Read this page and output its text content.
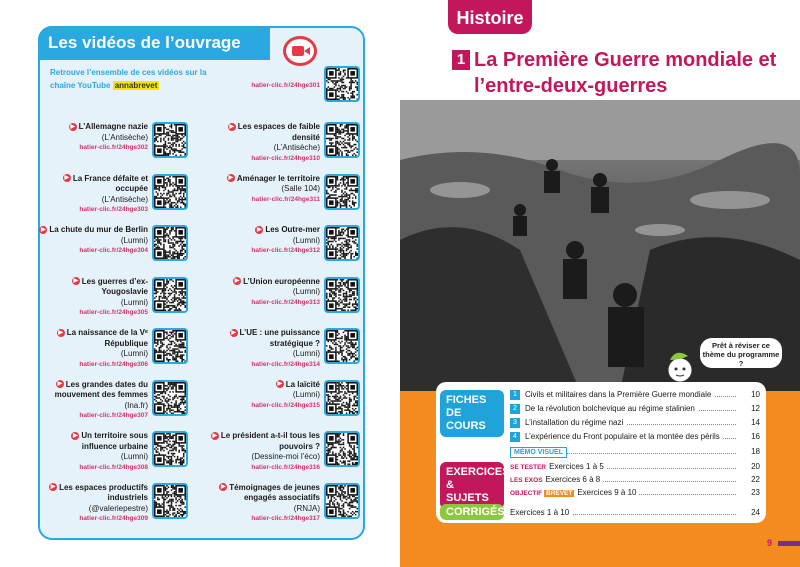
Les vidéos de l’ouvrage
Retrouve l’ensemble de ces vidéos sur la chaîne YouTube annabrevet	hatier-clic.fr/24hge301
▶ L’Allemagne nazie
(L’Antisèche)
hatier-clic.fr/24hge302
▶ Les espaces de faible densité
(L’Antisèche)
hatier-clic.fr/24hge310
▶ La France défaite et occupée
(L’Antisèche)
hatier-clic.fr/24hge303
▶ Aménager le territoire
(Salle 104)
hatier-clic.fr/24hge311
▶ La chute du mur de Berlin
(Lumni)
hatier-clic.fr/24hge304
▶ Les Outre-mer
(Lumni)
hatier-clic.fr/24hge312
▶ Les guerres d’ex-Yougoslavie
(Lumni)
hatier-clic.fr/24hge305
▶ L’Union européenne
(Lumni)
hatier-clic.fr/24hge313
▶ La naissance de la Vᵉ République
(Lumni)
hatier-clic.fr/24hge306
▶ L’UE : une puissance stratégique ?
(Lumni)
hatier-clic.fr/24hge314
▶ Les grandes dates du mouvement des femmes
(Ina.fr)
hatier-clic.fr/24hge307
▶ La laïcité
(Lumni)
hatier-clic.fr/24hge315
▶ Un territoire sous influence urbaine
(Lumni)
hatier-clic.fr/24hge308
▶ Le président a-t-il tous les pouvoirs ?
(Dessine-moi l’éco)
hatier-clic.fr/24hge316
▶ Les espaces productifs industriels
(@valeriepestre)
hatier-clic.fr/24hge309
▶ Témoignages de jeunes engagés associatifs
(RNJA)
hatier-clic.fr/24hge317
Histoire
1 La Première Guerre mondiale et l’entre-deux-guerres
Prêt à réviser ce thème du programme ?
FICHES DE COURS
EXERCICES & SUJETS
CORRIGÉS
1 Civils et militaires dans la Première Guerre mondiale	10
2 De la révolution bolchevique au régime stalinien	12
3 L’installation du régime nazi	14
4 L’expérience du Front populaire et la montée des périls	16
MÉMO VISUEL	18
SE TESTER Exercices 1 à 5	20
LES EXOS Exercices 6 à 8	22
OBJECTIF BREVET Exercices 9 à 10	23
Exercices 1 à 10	24
9
